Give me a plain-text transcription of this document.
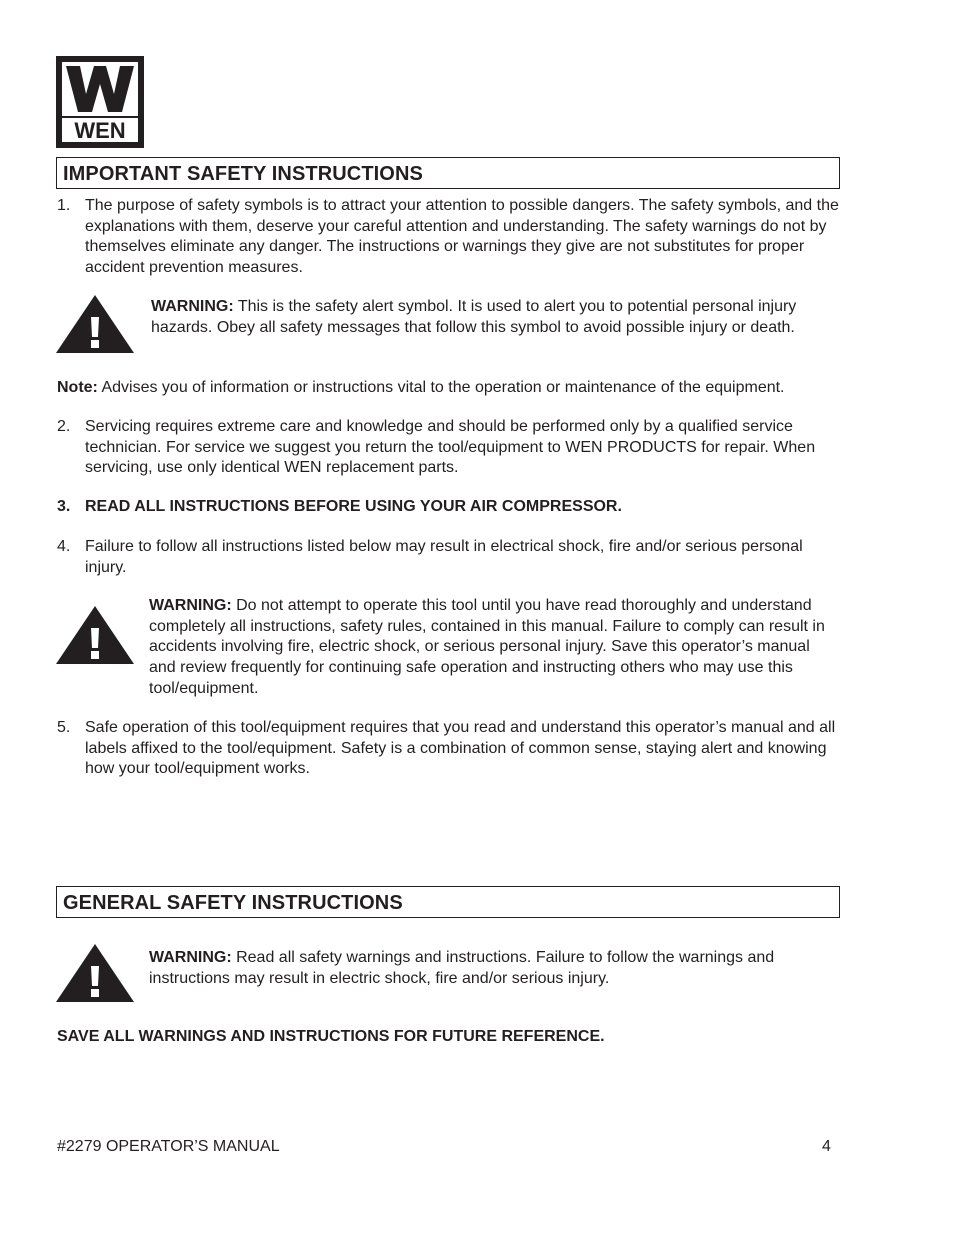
WEN
IMPORTANT SAFETY INSTRUCTIONS
1. The purpose of safety symbols is to attract your attention to possible dangers. The safety symbols, and the explanations with them, deserve your careful attention and understanding. The safety warnings do not by themselves eliminate any danger. The instructions or warnings they give are not substitutes for proper accident prevention measures.
WARNING: This is the safety alert symbol. It is used to alert you to potential personal injury hazards. Obey all safety messages that follow this symbol to avoid possible injury or death.
Note: Advises you of information or instructions vital to the operation or maintenance of the equipment.
2. Servicing requires extreme care and knowledge and should be performed only by a qualified service technician. For service we suggest you return the tool/equipment to WEN PRODUCTS for repair. When servicing, use only identical WEN replacement parts.
3. READ ALL INSTRUCTIONS BEFORE USING YOUR AIR COMPRESSOR.
4. Failure to follow all instructions listed below may result in electrical shock, fire and/or serious personal injury.
WARNING: Do not attempt to operate this tool until you have read thoroughly and understand completely all instructions, safety rules, contained in this manual. Failure to comply can result in accidents involving fire, electric shock, or serious personal injury. Save this operator’s manual and review frequently for continuing safe operation and instructing others who may use this tool/equipment.
5. Safe operation of this tool/equipment requires that you read and understand this operator’s manual and all labels affixed to the tool/equipment. Safety is a combination of common sense, staying alert and knowing how your tool/equipment works.
GENERAL SAFETY INSTRUCTIONS
WARNING: Read all safety warnings and instructions. Failure to follow the warnings and instructions may result in electric shock, fire and/or serious injury.
SAVE ALL WARNINGS AND INSTRUCTIONS FOR FUTURE REFERENCE.
#2279 OPERATOR’S MANUAL	4
